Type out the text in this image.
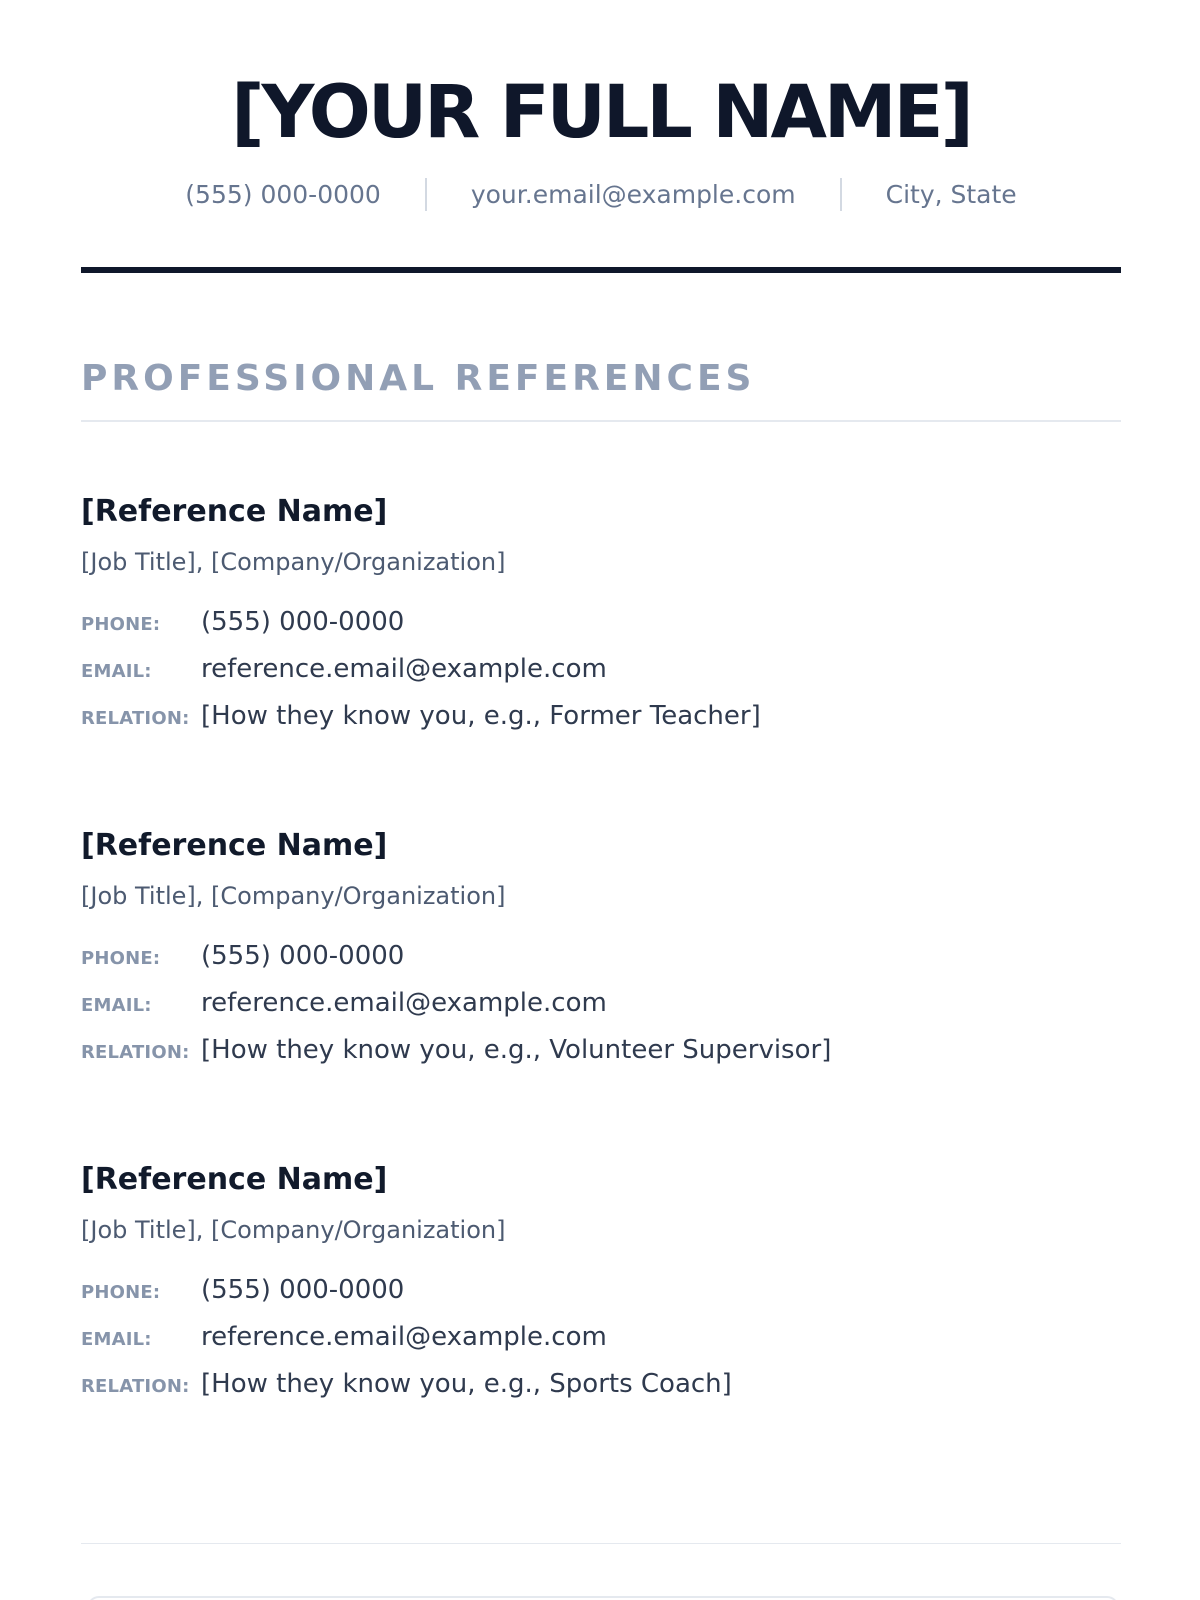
[YOUR FULL NAME]
(555) 000-0000	your.email@example.com	City, State
PROFESSIONAL REFERENCES
[Reference Name]
[Job Title], [Company/Organization]
PHONE:	(555) 000-0000
EMAIL:	reference.email@example.com
RELATION: [How they know you, e.g., Former Teacher]
[Reference Name]
[Job Title], [Company/Organization]
PHONE:	(555) 000-0000
EMAIL:	reference.email@example.com
RELATION: [How they know you, e.g., Volunteer Supervisor]
[Reference Name]
[Job Title], [Company/Organization]
PHONE:	(555) 000-0000
EMAIL:	reference.email@example.com
RELATION: [How they know you, e.g., Sports Coach]
